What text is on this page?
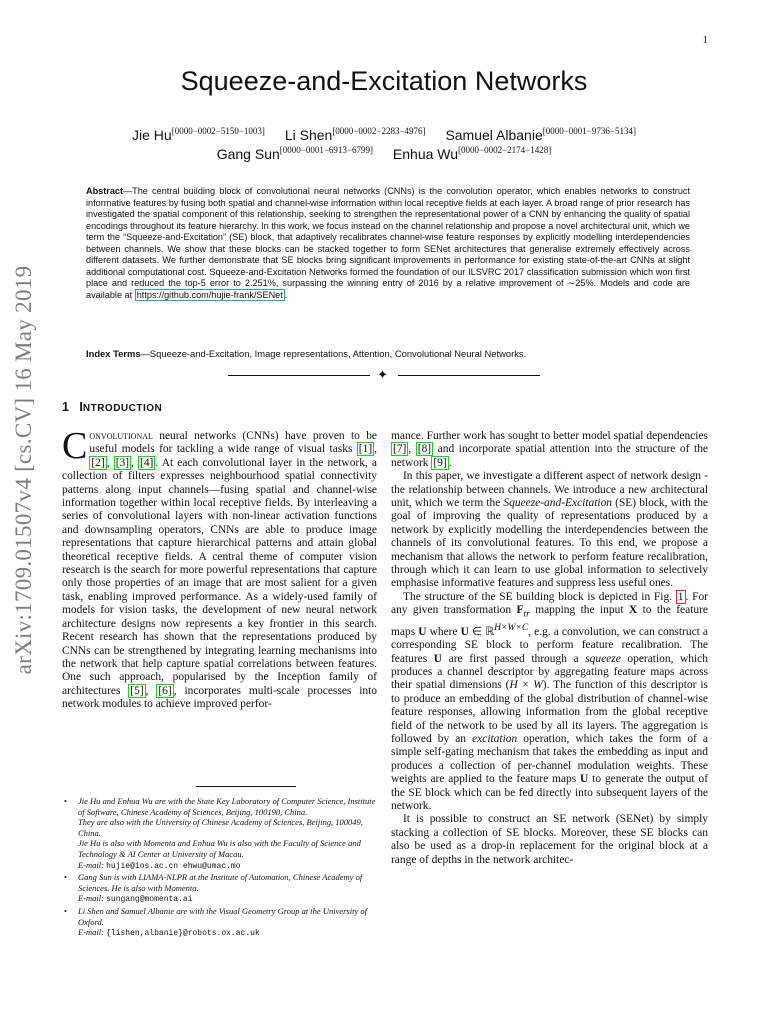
1
arXiv:1709.01507v4 [cs.CV] 16 May 2019
Squeeze-and-Excitation Networks
Jie Hu[0000−0002−5150−1003] Li Shen[0000−0002−2283−4976] Samuel Albanie[0000−0001−9736−5134]
Gang Sun[0000−0001−6913−6799] Enhua Wu[0000−0002−2174−1428]
Abstract—The central building block of convolutional neural networks (CNNs) is the convolution operator, which enables networks to construct informative features by fusing both spatial and channel-wise information within local receptive fields at each layer. A broad range of prior research has investigated the spatial component of this relationship, seeking to strengthen the representational power of a CNN by enhancing the quality of spatial encodings throughout its feature hierarchy. In this work, we focus instead on the channel relationship and propose a novel architectural unit, which we term the “Squeeze-and-Excitation” (SE) block, that adaptively recalibrates channel-wise feature responses by explicitly modelling interdependencies between channels. We show that these blocks can be stacked together to form SENet architectures that generalise extremely effectively across different datasets. We further demonstrate that SE blocks bring significant improvements in performance for existing state-of-the-art CNNs at slight additional computational cost. Squeeze-and-Excitation Networks formed the foundation of our ILSVRC 2017 classification submission which won first place and reduced the top-5 error to 2.251%, surpassing the winning entry of 2016 by a relative improvement of ∼25%. Models and code are available at https://github.com/hujie-frank/SENet .
Index Terms—Squeeze-and-Excitation, Image representations, Attention, Convolutional Neural Networks.
✦
1 INTRODUCTION

Convolutional neural networks (CNNs) have proven to be useful models for tackling a wide range of visual tasks [1] , [2] , [3] , [4] . At each convolutional layer in the network, a collection of filters expresses neighbourhood spatial connectivity patterns along input channels—fusing spatial and channel-wise information together within local receptive fields. By interleaving a series of convolutional layers with non-linear activation functions and downsampling operators, CNNs are able to produce image representations that capture hierarchical patterns and attain global theoretical receptive fields. A central theme of computer vision research is the search for more powerful representations that capture only those properties of an image that are most salient for a given task, enabling improved performance. As a widely-used family of models for vision tasks, the development of new neural network architecture designs now represents a key frontier in this search. Recent research has shown that the representations produced by CNNs can be strengthened by integrating learning mechanisms into the network that help capture spatial correlations between features. One such approach, popularised by the Inception family of architectures [5] , [6] , incorporates multi-scale processes into network modules to achieve improved perfor-

mance. Further work has sought to better model spatial dependencies [7] , [8] and incorporate spatial attention into the structure of the network [9] .

In this paper, we investigate a different aspect of network design - the relationship between channels. We introduce a new architectural unit, which we term the Squeeze-and-Excitation (SE) block, with the goal of improving the quality of representations produced by a network by explicitly modelling the interdependencies between the channels of its convolutional features. To this end, we propose a mechanism that allows the network to perform feature recalibration, through which it can learn to use global information to selectively emphasise informative features and suppress less useful ones.

The structure of the SE building block is depicted in Fig. 1 . For any given transformation $F_{tr}$ mapping the input X to the feature maps U where U ∈ ℝ$^{H\times W\times C}$, e.g. a convolution, we can construct a corresponding SE block to perform feature recalibration. The features U are first passed through a squeeze operation, which produces a channel descriptor by aggregating feature maps across their spatial dimensions (H × W). The function of this descriptor is to produce an embedding of the global distribution of channel-wise feature responses, allowing information from the global receptive field of the network to be used by all its layers. The aggregation is followed by an excitation operation, which takes the form of a simple self-gating mechanism that takes the embedding as input and produces a collection of per-channel modulation weights. These weights are applied to the feature maps U to generate the output of the SE block which can be fed directly into subsequent layers of the network.

It is possible to construct an SE network (SENet) by simply stacking a collection of SE blocks. Moreover, these SE blocks can also be used as a drop-in replacement for the original block at a range of depths in the network architec-

• Jie Hu and Enhua Wu are with the State Key Laboratory of Computer Science, Institute of Software, Chinese Academy of Sciences, Beijing, 100190, China.
They are also with the University of Chinese Academy of Sciences, Beijing, 100049, China.
Jie Hu is also with Momenta and Enhua Wu is also with the Faculty of Science and Technology & AI Center at University of Macau.
E-mail: hujie@ios.ac.cn ehwu@umac.mo

• Gang Sun is with LIAMA-NLPR at the Institute of Automation, Chinese Academy of Sciences. He is also with Momenta.
E-mail: sungang@momenta.ai

• Li Shen and Samuel Albanie are with the Visual Geometry Group at the University of Oxford.
E-mail: {lishen,albanie}@robots.ox.ac.uk
